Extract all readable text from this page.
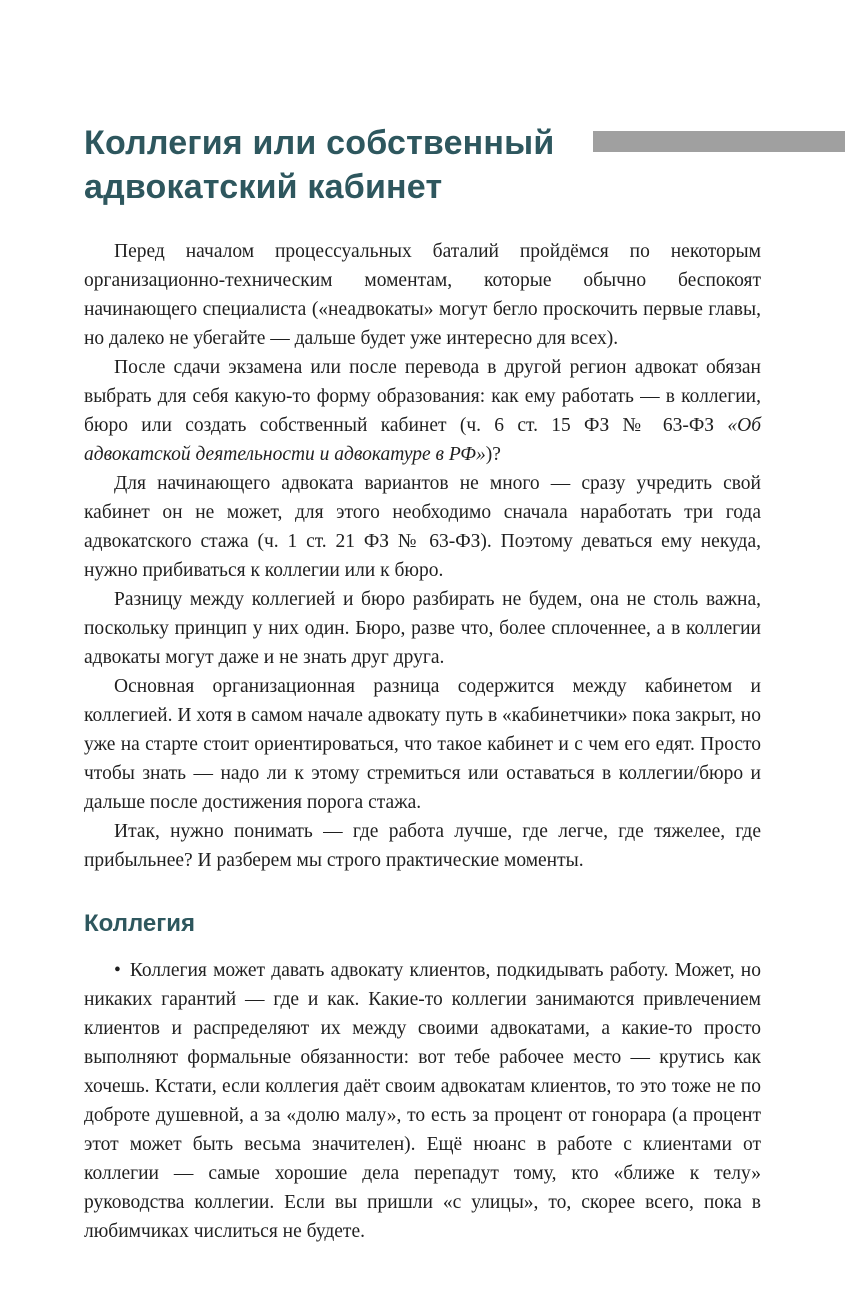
Коллегия или собственный
адвокатский кабинет

Перед началом процессуальных баталий пройдёмся по некоторым организационно-техническим моментам, которые обычно беспокоят начинающего специалиста («неадвокаты» могут бегло проскочить первые главы, но далеко не убегайте — дальше будет уже интересно для всех).

После сдачи экзамена или после перевода в другой регион адвокат обязан выбрать для себя какую-то форму образования: как ему работать — в коллегии, бюро или создать собственный кабинет (ч. 6 ст. 15 ФЗ № 63-ФЗ «Об адвокатской деятельности и адвокатуре в РФ»)?

Для начинающего адвоката вариантов не много — сразу учредить свой кабинет он не может, для этого необходимо сначала наработать три года адвокатского стажа (ч. 1 ст. 21 ФЗ № 63-ФЗ). Поэтому деваться ему некуда, нужно прибиваться к коллегии или к бюро.

Разницу между коллегией и бюро разбирать не будем, она не столь важна, поскольку принцип у них один. Бюро, разве что, более сплоченнее, а в коллегии адвокаты могут даже и не знать друг друга.

Основная организационная разница содержится между кабинетом и коллегией. И хотя в самом начале адвокату путь в «кабинетчики» пока закрыт, но уже на старте стоит ориентироваться, что такое кабинет и с чем его едят. Просто чтобы знать — надо ли к этому стремиться или оставаться в коллегии/бюро и дальше после достижения порога стажа.

Итак, нужно понимать — где работа лучше, где легче, где тяжелее, где прибыльнее? И разберем мы строго практические моменты.

Коллегия

• Коллегия может давать адвокату клиентов, подкидывать работу. Может, но никаких гарантий — где и как. Какие-то коллегии занимаются привлечением клиентов и распределяют их между своими адвокатами, а какие-то просто выполняют формальные обязанности: вот тебе рабочее место — крутись как хочешь. Кстати, если коллегия даёт своим адвокатам клиентов, то это тоже не по доброте душевной, а за «долю малу», то есть за процент от гонорара (а процент этот может быть весьма значителен). Ещё нюанс в работе с клиентами от коллегии — самые хорошие дела перепадут тому, кто «ближе к телу» руководства коллегии. Если вы пришли «с улицы», то, скорее всего, пока в любимчиках числиться не будете.
